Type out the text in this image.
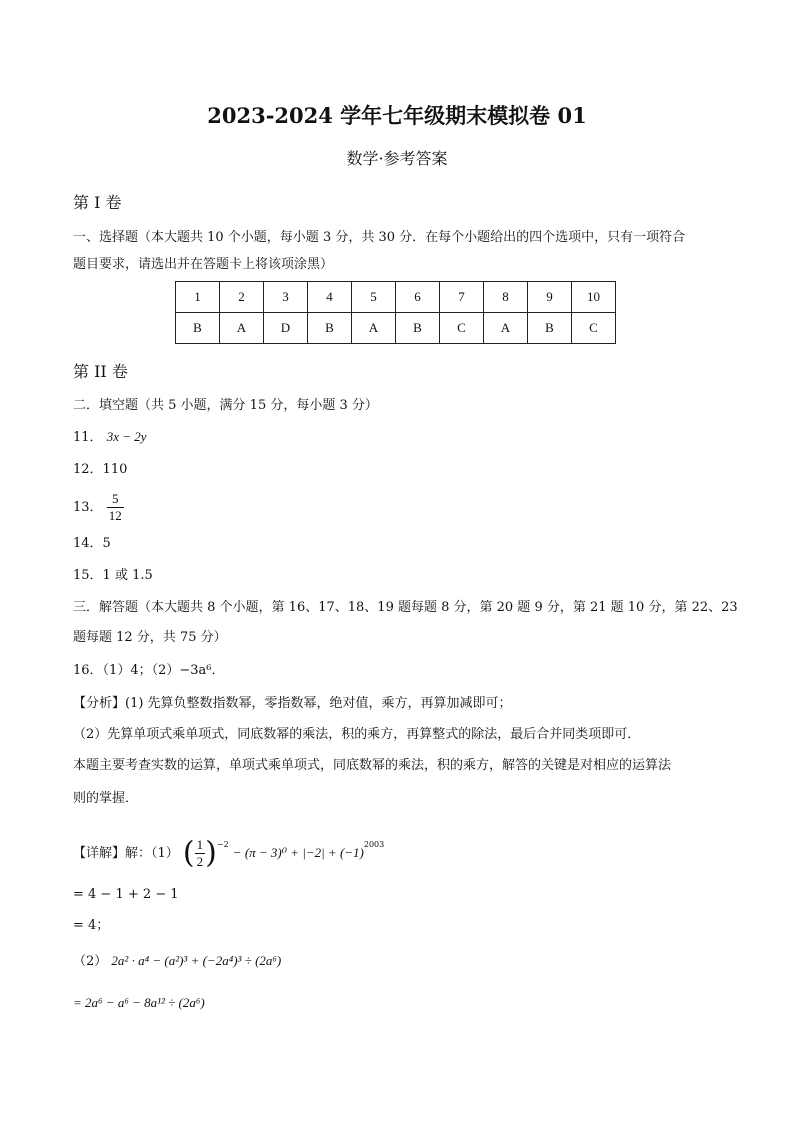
2023-2024 学年七年级期末模拟卷 01
数学·参考答案
第 I 卷
一、选择题（本大题共 10 个小题，每小题 3 分，共 30 分．在每个小题给出的四个选项中，只有一项符合
题目要求，请选出并在答题卡上将该项涂黑）
1	2	3	4	5	6	7	8	9	10
B	A	D	B	A	B	C	A	B	C
第 II 卷
二．填空题（共 5 小题，满分 15 分，每小题 3 分）
11． 3x − 2y
12．110
13． $\frac{5}{12}$
14．5
15．1 或 1.5
三．解答题（本大题共 8 个小题，第 16、17、18、19 题每题 8 分，第 20 题 9 分，第 21 题 10 分，第 22、23
题每题 12 分，共 75 分）
16．（1）4；（2）−3a⁶．
【分析】(1) 先算负整数指数幂，零指数幂，绝对值，乘方，再算加减即可；
（2）先算单项式乘单项式，同底数幂的乘法，积的乘方，再算整式的除法，最后合并同类项即可．
本题主要考查实数的运算，单项式乘单项式，同底数幂的乘法，积的乘方，解答的关键是对相应的运算法
则的掌握．
【详解】解：（1） ( $\frac{1}{2} )^{-2} - (\pi - 3)^0 + |-2| + (-1)^{2003}$
= 4 − 1 + 2 − 1
= 4；
（2） 2a² · a⁴ − (a²)³ + (−2a⁴)³ ÷ (2a⁶)
= 2a⁶ − a⁶ − 8a¹² ÷ (2a⁶)
